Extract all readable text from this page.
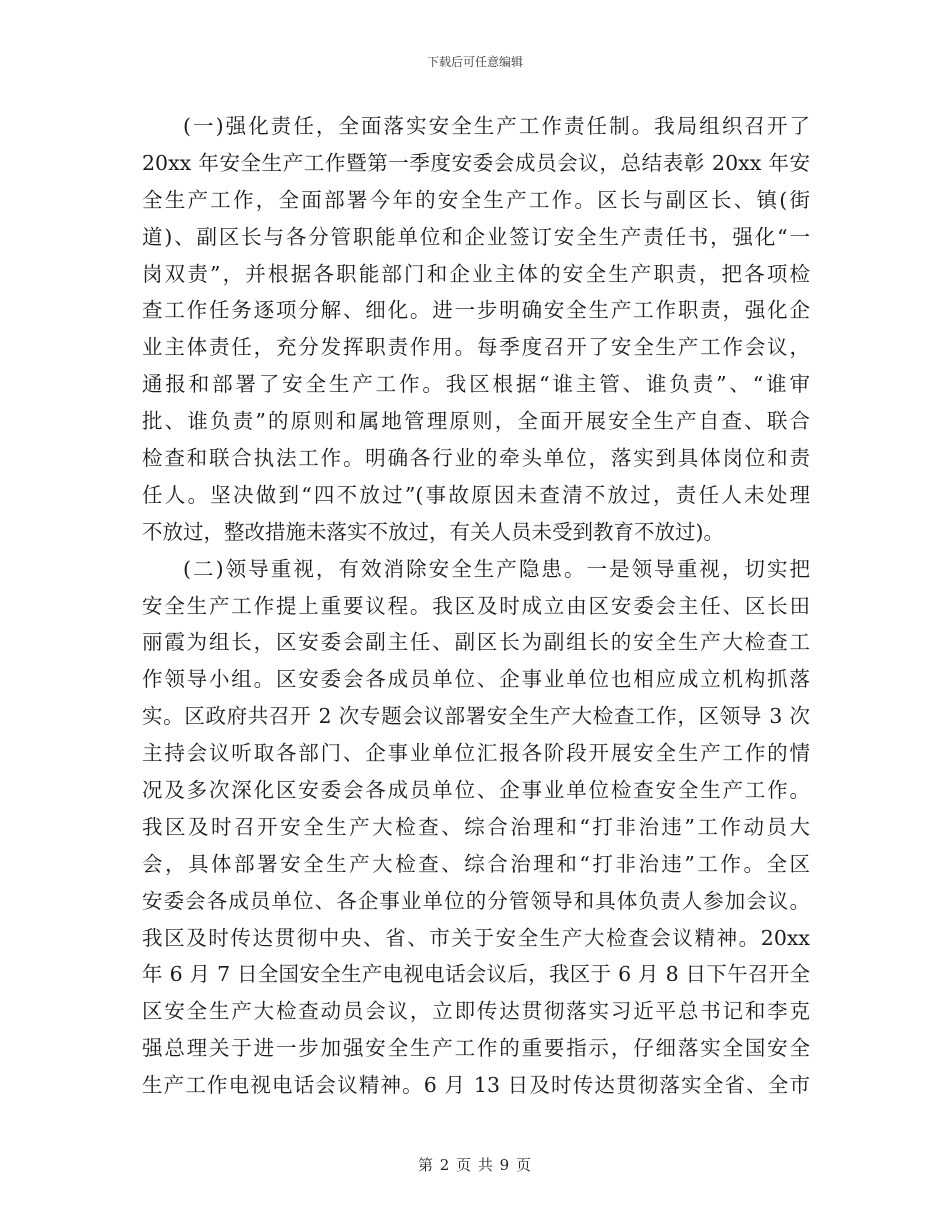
下载后可任意编辑
(一)强化责任，全面落实安全生产工作责任制。我局组织召开了
20xx 年安全生产工作暨第一季度安委会成员会议，总结表彰 20xx 年安
全生产工作，全面部署今年的安全生产工作。区长与副区长、镇(街
道)、副区长与各分管职能单位和企业签订安全生产责任书，强化“一
岗双责”，并根据各职能部门和企业主体的安全生产职责，把各项检
查工作任务逐项分解、细化。进一步明确安全生产工作职责，强化企
业主体责任，充分发挥职责作用。每季度召开了安全生产工作会议，
通报和部署了安全生产工作。我区根据“谁主管、谁负责”、“谁审
批、谁负责”的原则和属地管理原则，全面开展安全生产自查、联合
检查和联合执法工作。明确各行业的牵头单位，落实到具体岗位和责
任人。坚决做到“四不放过”(事故原因未查清不放过，责任人未处理
不放过，整改措施未落实不放过，有关人员未受到教育不放过)。
(二)领导重视，有效消除安全生产隐患。一是领导重视，切实把
安全生产工作提上重要议程。我区及时成立由区安委会主任、区长田
丽霞为组长，区安委会副主任、副区长为副组长的安全生产大检查工
作领导小组。区安委会各成员单位、企事业单位也相应成立机构抓落
实。区政府共召开 2 次专题会议部署安全生产大检查工作，区领导 3 次
主持会议听取各部门、企事业单位汇报各阶段开展安全生产工作的情
况及多次深化区安委会各成员单位、企事业单位检查安全生产工作。
我区及时召开安全生产大检查、综合治理和“打非治违”工作动员大
会，具体部署安全生产大检查、综合治理和“打非治违”工作。全区
安委会各成员单位、各企事业单位的分管领导和具体负责人参加会议。
我区及时传达贯彻中央、省、市关于安全生产大检查会议精神。20xx
年 6 月 7 日全国安全生产电视电话会议后，我区于 6 月 8 日下午召开全
区安全生产大检查动员会议，立即传达贯彻落实习近平总书记和李克
强总理关于进一步加强安全生产工作的重要指示，仔细落实全国安全
生产工作电视电话会议精神。6 月 13 日及时传达贯彻落实全省、全市
第 2 页 共 9 页
